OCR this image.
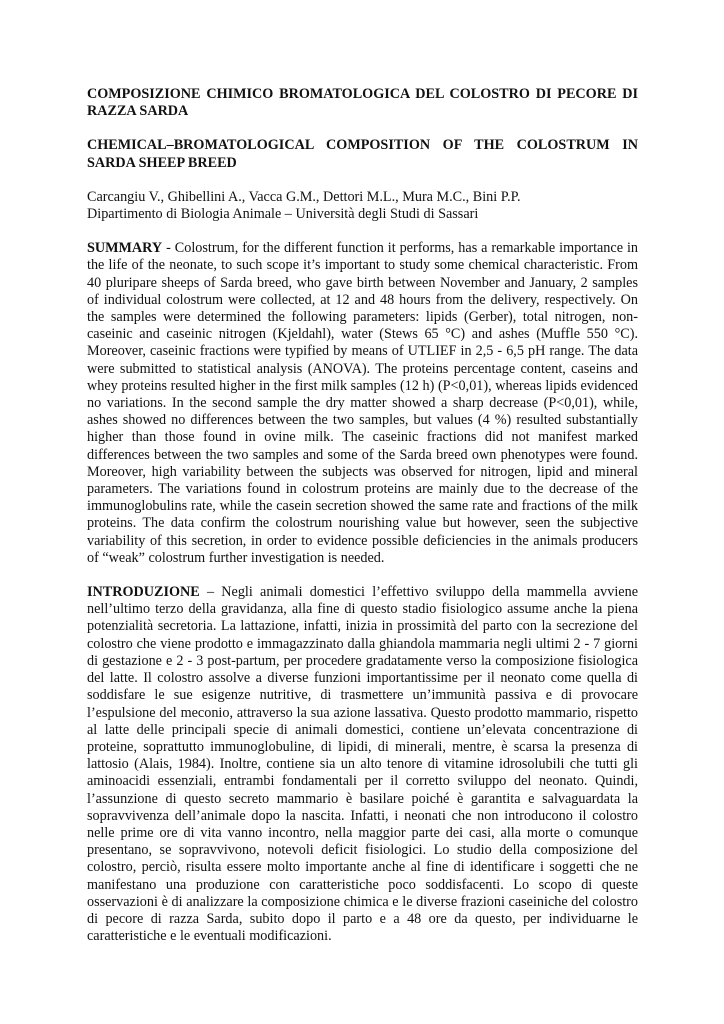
COMPOSIZIONE CHIMICO BROMATOLOGICA DEL COLOSTRO DI PECORE DI RAZZA SARDA

CHEMICAL–BROMATOLOGICAL COMPOSITION OF THE COLOSTRUM IN SARDA SHEEP BREED

Carcangiu V., Ghibellini A., Vacca G.M., Dettori M.L., Mura M.C., Bini P.P.
Dipartimento di Biologia Animale – Università degli Studi di Sassari

SUMMARY - Colostrum, for the different function it performs, has a remarkable importance in the life of the neonate, to such scope it’s important to study some chemical characteristic. From 40 pluripare sheeps of Sarda breed, who gave birth between November and January, 2 samples of individual colostrum were collected, at 12 and 48 hours from the delivery, respectively. On the samples were determined the following parameters: lipids (Gerber), total nitrogen, non-caseinic and caseinic nitrogen (Kjeldahl), water (Stews 65 °C) and ashes (Muffle 550 °C). Moreover, caseinic fractions were typified by means of UTLIEF in 2,5 - 6,5 pH range. The data were submitted to statistical analysis (ANOVA). The proteins percentage content, caseins and whey proteins resulted higher in the first milk samples (12 h) (P<0,01), whereas lipids evidenced no variations. In the second sample the dry matter showed a sharp decrease (P<0,01), while, ashes showed no differences between the two samples, but values (4 %) resulted substantially higher than those found in ovine milk. The caseinic fractions did not manifest marked differences between the two samples and some of the Sarda breed own phenotypes were found. Moreover, high variability between the subjects was observed for nitrogen, lipid and mineral parameters. The variations found in colostrum proteins are mainly due to the decrease of the immunoglobulins rate, while the casein secretion showed the same rate and fractions of the milk proteins. The data confirm the colostrum nourishing value but however, seen the subjective variability of this secretion, in order to evidence possible deficiencies in the animals producers of “weak” colostrum further investigation is needed.

INTRODUZIONE – Negli animali domestici l’effettivo sviluppo della mammella avviene nell’ultimo terzo della gravidanza, alla fine di questo stadio fisiologico assume anche la piena potenzialità secretoria. La lattazione, infatti, inizia in prossimità del parto con la secrezione del colostro che viene prodotto e immagazzinato dalla ghiandola mammaria negli ultimi 2 - 7 giorni di gestazione e 2 - 3 post-partum, per procedere gradatamente verso la composizione fisiologica del latte. Il colostro assolve a diverse funzioni importantissime per il neonato come quella di soddisfare le sue esigenze nutritive, di trasmettere un’immunità passiva e di provocare l’espulsione del meconio, attraverso la sua azione lassativa. Questo prodotto mammario, rispetto al latte delle principali specie di animali domestici, contiene un’elevata concentrazione di proteine, soprattutto immunoglobuline, di lipidi, di minerali, mentre, è scarsa la presenza di lattosio (Alais, 1984). Inoltre, contiene sia un alto tenore di vitamine idrosolubili che tutti gli aminoacidi essenziali, entrambi fondamentali per il corretto sviluppo del neonato. Quindi, l’assunzione di questo secreto mammario è basilare poiché è garantita e salvaguardata la sopravvivenza dell’animale dopo la nascita. Infatti, i neonati che non introducono il colostro nelle prime ore di vita vanno incontro, nella maggior parte dei casi, alla morte o comunque presentano, se sopravvivono, notevoli deficit fisiologici. Lo studio della composizione del colostro, perciò, risulta essere molto importante anche al fine di identificare i soggetti che ne manifestano una produzione con caratteristiche poco soddisfacenti. Lo scopo di queste osservazioni è di analizzare la composizione chimica e le diverse frazioni caseiniche del colostro di pecore di razza Sarda, subito dopo il parto e a 48 ore da questo, per individuarne le caratteristiche e le eventuali modificazioni.
